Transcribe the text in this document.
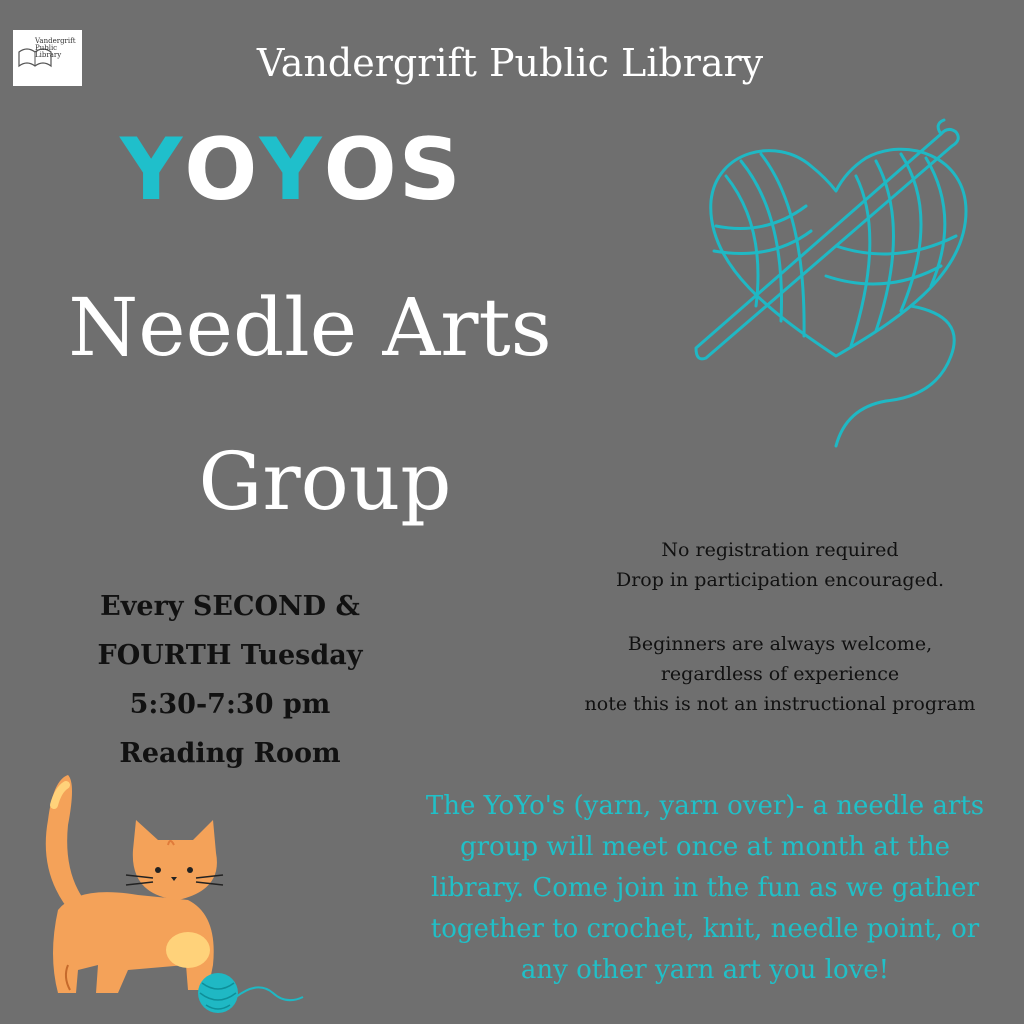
Vandergrift Public Library	Vandergrift Public Library
YOYOS
Needle Arts
Group
Every SECOND &
FOURTH Tuesday
5:30-7:30 pm
Reading Room
No registration required
Drop in participation encouraged.
Beginners are always welcome,
regardless of experience
note this is not an instructional program
The YoYo's (yarn, yarn over)- a needle arts group will meet once at month at the library. Come join in the fun as we gather together to crochet, knit, needle point, or any other yarn art you love!
